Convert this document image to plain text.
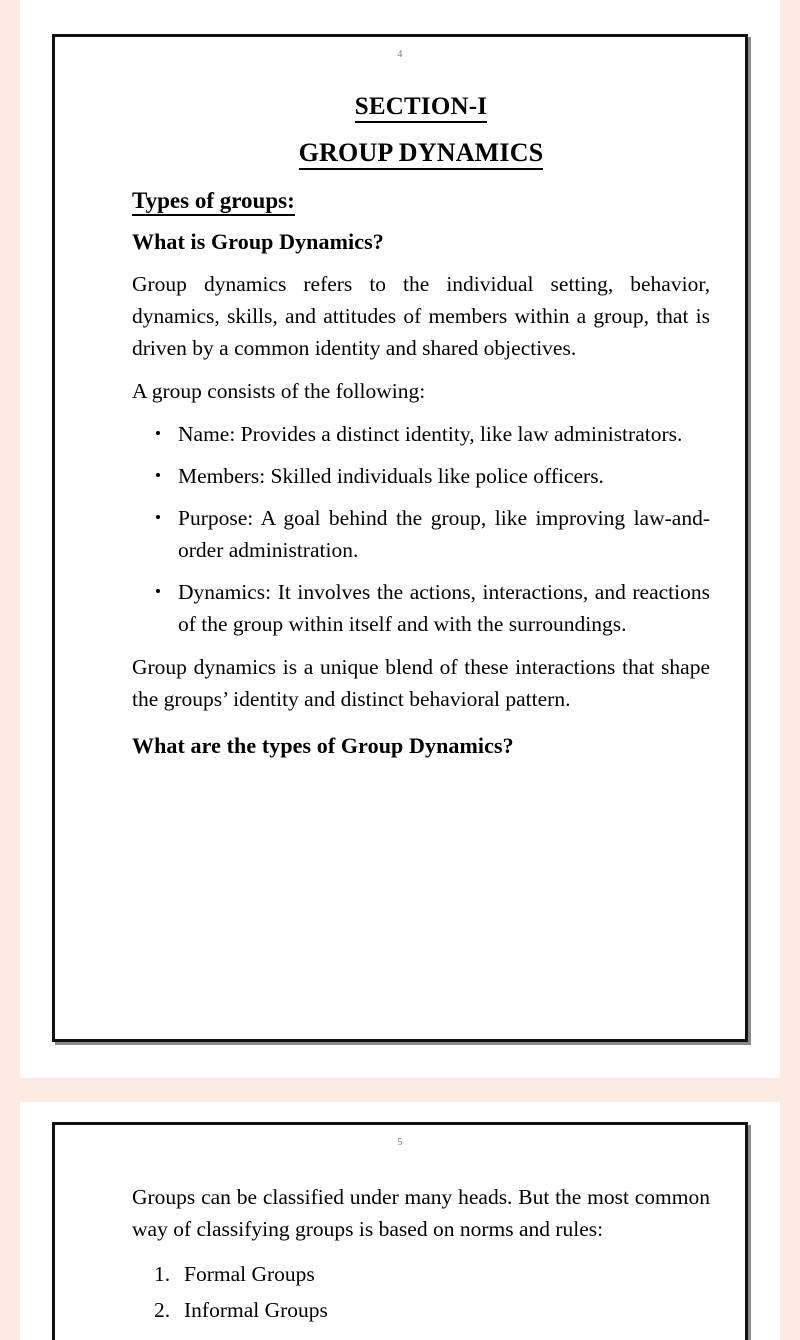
4
SECTION-I
GROUP DYNAMICS
Types of groups:
What is Group Dynamics?

Group dynamics refers to the individual setting, behavior, dynamics, skills, and attitudes of members within a group, that is driven by a common identity and shared objectives.

A group consists of the following:

Name: Provides a distinct identity, like law administrators.
Members: Skilled individuals like police officers.
Purpose: A goal behind the group, like improving law-and-order administration.
Dynamics: It involves the actions, interactions, and reactions of the group within itself and with the surroundings.

Group dynamics is a unique blend of these interactions that shape the groups’ identity and distinct behavioral pattern.

What are the types of Group Dynamics?
5

Groups can be classified under many heads. But the most common way of classifying groups is based on norms and rules:

1. Formal Groups
2. Informal Groups
